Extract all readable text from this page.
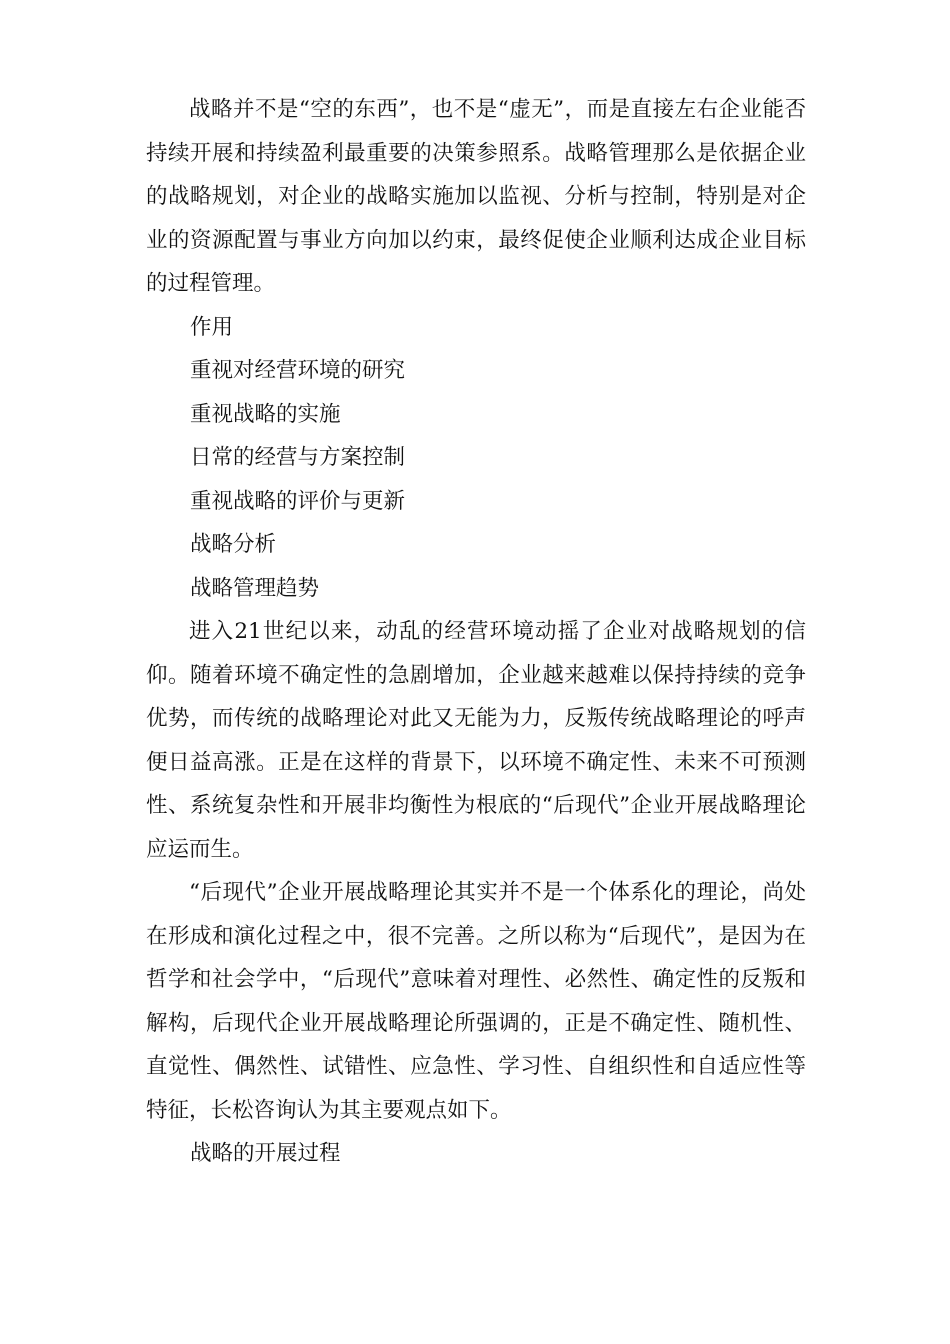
战略并不是“空的东西”，也不是“虚无”，而是直接左右企业能否持续开展和持续盈利最重要的决策参照系。战略管理那么是依据企业的战略规划，对企业的战略实施加以监视、分析与控制，特别是对企业的资源配置与事业方向加以约束，最终促使企业顺利达成企业目标的过程管理。

作用
重视对经营环境的研究
重视战略的实施
日常的经营与方案控制
重视战略的评价与更新
战略分析
战略管理趋势

进入21世纪以来，动乱的经营环境动摇了企业对战略规划的信仰。随着环境不确定性的急剧增加，企业越来越难以保持持续的竞争优势，而传统的战略理论对此又无能为力，反叛传统战略理论的呼声便日益高涨。正是在这样的背景下，以环境不确定性、未来不可预测性、系统复杂性和开展非均衡性为根底的“后现代”企业开展战略理论应运而生。

“后现代”企业开展战略理论其实并不是一个体系化的理论，尚处在形成和演化过程之中，很不完善。之所以称为“后现代”，是因为在哲学和社会学中，“后现代”意味着对理性、必然性、确定性的反叛和解构，后现代企业开展战略理论所强调的，正是不确定性、随机性、直觉性、偶然性、试错性、应急性、学习性、自组织性和自适应性等特征，长松咨询认为其主要观点如下。

战略的开展过程
